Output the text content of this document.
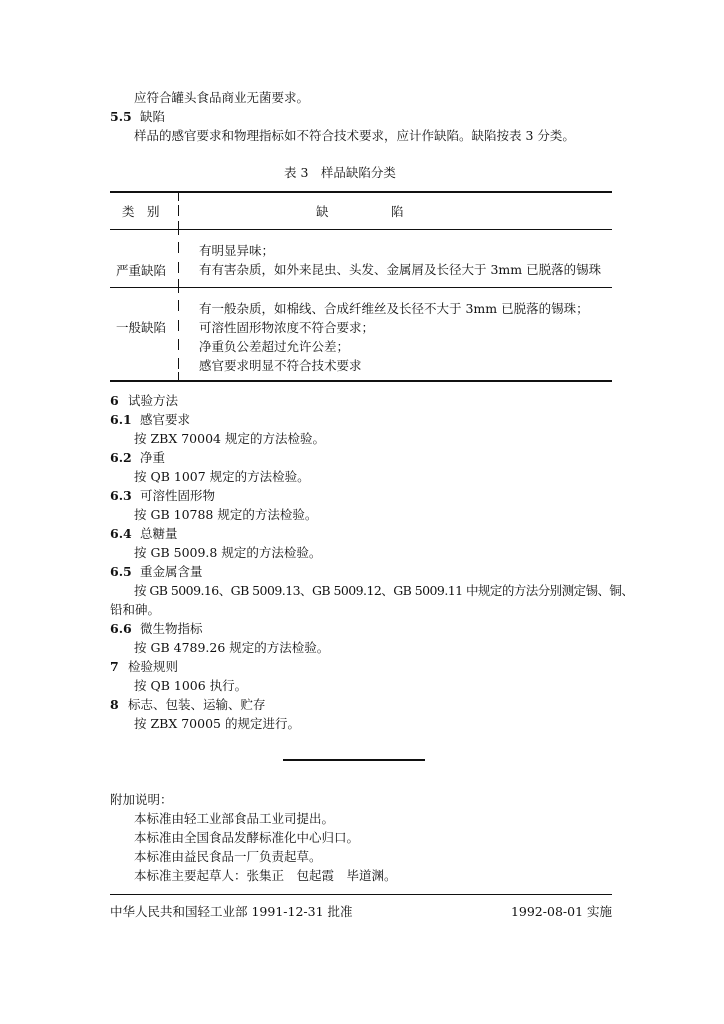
应符合罐头食品商业无菌要求。
5.5 缺陷
样品的感官要求和物理指标如不符合技术要求，应计作缺陷。缺陷按表 3 分类。
表 3　样品缺陷分类
类　别	缺　　　　　陷
严重缺陷
有明显异味；
有有害杂质，如外来昆虫、头发、金属屑及长径大于 3mm 已脱落的锡珠
一般缺陷
有一般杂质，如棉线、合成纤维丝及长径不大于 3mm 已脱落的锡珠；
可溶性固形物浓度不符合要求；
净重负公差超过允许公差；
感官要求明显不符合技术要求
6 试验方法
6.1 感官要求
按 ZBX 70004 规定的方法检验。
6.2 净重
按 QB 1007 规定的方法检验。
6.3 可溶性固形物
按 GB 10788 规定的方法检验。
6.4 总糖量
按 GB 5009.8 规定的方法检验。
6.5 重金属含量
按 GB 5009.16、GB 5009.13、GB 5009.12、GB 5009.11 中规定的方法分别测定锡、铜、
铅和砷。
6.6 微生物指标
按 GB 4789.26 规定的方法检验。
7 检验规则
按 QB 1006 执行。
8 标志、包装、运输、贮存
按 ZBX 70005 的规定进行。
附加说明：
本标准由轻工业部食品工业司提出。
本标准由全国食品发酵标准化中心归口。
本标准由益民食品一厂负责起草。
本标准主要起草人：张集正　包起霞　毕道渊。
中华人民共和国轻工业部 1991-12-31 批准	1992-08-01 实施
